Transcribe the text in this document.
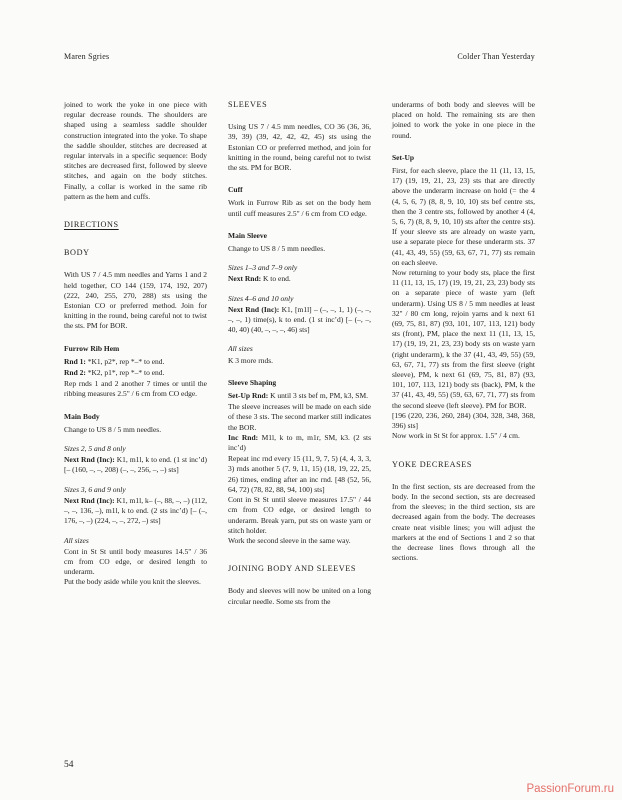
Maren Sgries	Colder Than Yesterday

joined to work the yoke in one piece with regular decrease rounds. The shoulders are shaped using a seamless saddle shoulder construction integrated into the yoke. To shape the saddle shoulder, stitches are decreased at regular intervals in a specific sequence: Body stitches are decreased first, followed by sleeve stitches, and again on the body stitches. Finally, a collar is worked in the same rib pattern as the hem and cuffs.

DIRECTIONS

BODY

With US 7 / 4.5 mm needles and Yarns 1 and 2 held together, CO 144 (159, 174, 192, 207) (222, 240, 255, 270, 288) sts using the Estonian CO or preferred method. Join for knitting in the round, being careful not to twist the sts. PM for BOR.

Furrow Rib Hem

Rnd 1: *K1, p2*, rep *–* to end.

Rnd 2: *K2, p1*, rep *–* to end.

Rep rnds 1 and 2 another 7 times or until the ribbing measures 2.5" / 6 cm from CO edge.

Main Body

Change to US 8 / 5 mm needles.

Sizes 2, 5 and 8 only

Next Rnd (Inc): K1, m1l, k to end. (1 st inc’d) [– (160, –, –, 208) (–, –, 256, –, –) sts]

Sizes 3, 6 and 9 only

Next Rnd (Inc): K1, m1l, k– (–, 88, –, –) (112, –, –, 136, –), m1l, k to end. (2 sts inc’d) [– (–, 176, –, –) (224, –, –, 272, –) sts]

All sizes

Cont in St St until body measures 14.5" / 36 cm from CO edge, or desired length to underarm.

Put the body aside while you knit the sleeves.

SLEEVES

Using US 7 / 4.5 mm needles, CO 36 (36, 36, 39, 39) (39, 42, 42, 42, 45) sts using the Estonian CO or preferred method, and join for knitting in the round, being careful not to twist the sts. PM for BOR.

Cuff

Work in Furrow Rib as set on the body hem until cuff measures 2.5" / 6 cm from CO edge.

Main Sleeve

Change to US 8 / 5 mm needles.

Sizes 1–3 and 7–9 only

Next Rnd: K to end.

Sizes 4–6 and 10 only

Next Rnd (Inc): K1, [m1l] – (–, –, 1, 1) (–, –, –, –, 1) time(s), k to end. (1 st inc’d) [– (–, –, 40, 40) (40, –, –, –, 46) sts]

All sizes

K 3 more rnds.

Sleeve Shaping

Set-Up Rnd: K until 3 sts bef m, PM, k3, SM.

The sleeve increases will be made on each side of these 3 sts. The second marker still indicates the BOR.

Inc Rnd: M1l, k to m, m1r, SM, k3. (2 sts inc’d)

Repeat inc rnd every 15 (11, 9, 7, 5) (4, 4, 3, 3, 3) rnds another 5 (7, 9, 11, 15) (18, 19, 22, 25, 26) times, ending after an inc rnd. [48 (52, 56, 64, 72) (78, 82, 88, 94, 100) sts]

Cont in St St until sleeve measures 17.5" / 44 cm from CO edge, or desired length to underarm. Break yarn, put sts on waste yarn or stitch holder.

Work the second sleeve in the same way.

JOINING BODY AND SLEEVES

Body and sleeves will now be united on a long circular needle. Some sts from the

underarms of both body and sleeves will be placed on hold. The remaining sts are then joined to work the yoke in one piece in the round.

Set-Up

First, for each sleeve, place the 11 (11, 13, 15, 17) (19, 19, 21, 23, 23) sts that are directly above the underarm increase on hold (= the 4 (4, 5, 6, 7) (8, 8, 9, 10, 10) sts bef centre sts, then the 3 centre sts, followed by another 4 (4, 5, 6, 7) (8, 8, 9, 10, 10) sts after the centre sts). If your sleeve sts are already on waste yarn, use a separate piece for these underarm sts. 37 (41, 43, 49, 55) (59, 63, 67, 71, 77) sts remain on each sleeve.

Now returning to your body sts, place the first 11 (11, 13, 15, 17) (19, 19, 21, 23, 23) body sts on a separate piece of waste yarn (left underarm). Using US 8 / 5 mm needles at least 32" / 80 cm long, rejoin yarns and k next 61 (69, 75, 81, 87) (93, 101, 107, 113, 121) body sts (front), PM, place the next 11 (11, 13, 15, 17) (19, 19, 21, 23, 23) body sts on waste yarn (right underarm), k the 37 (41, 43, 49, 55) (59, 63, 67, 71, 77) sts from the first sleeve (right sleeve), PM, k next 61 (69, 75, 81, 87) (93, 101, 107, 113, 121) body sts (back), PM, k the 37 (41, 43, 49, 55) (59, 63, 67, 71, 77) sts from the second sleeve (left sleeve). PM for BOR.

[196 (220, 236, 260, 284) (304, 328, 348, 368, 396) sts]

Now work in St St for approx. 1.5" / 4 cm.

YOKE DECREASES

In the first section, sts are decreased from the body. In the second section, sts are decreased from the sleeves; in the third section, sts are decreased again from the body. The decreases create neat visible lines; you will adjust the markers at the end of Sections 1 and 2 so that the decrease lines flows through all the sections.

54
PassionForum.ru
